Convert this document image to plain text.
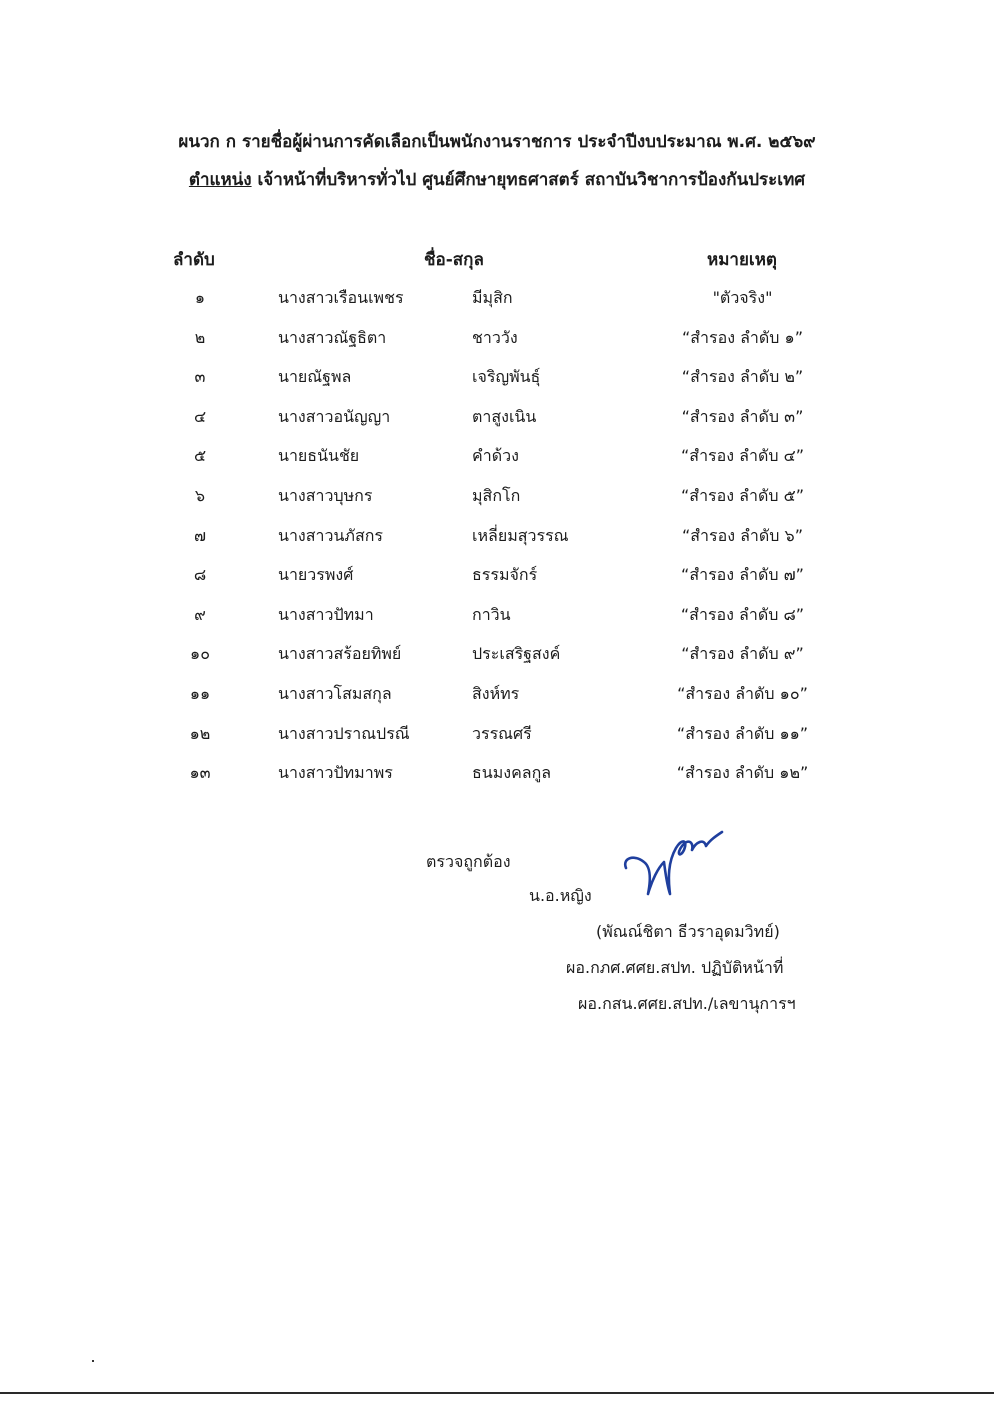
ผนวก ก รายชื่อผู้ผ่านการคัดเลือกเป็นพนักงานราชการ ประจำปีงบประมาณ พ.ศ. ๒๕๖๙
ตำแหน่ง เจ้าหน้าที่บริหารทั่วไป ศูนย์ศึกษายุทธศาสตร์ สถาบันวิชาการป้องกันประเทศ
ลำดับ	ชื่อ-สกุล	หมายเหตุ
๑	นางสาวเรือนเพชร	มีมุสิก	"ตัวจริง"
๒	นางสาวณัฐธิตา	ชาววัง	“สำรอง ลำดับ ๑”
๓	นายณัฐพล	เจริญพันธุ์	“สำรอง ลำดับ ๒”
๔	นางสาวอนัญญา	ตาสูงเนิน	“สำรอง ลำดับ ๓”
๕	นายธนันชัย	คำด้วง	“สำรอง ลำดับ ๔”
๖	นางสาวบุษกร	มุสิกโก	“สำรอง ลำดับ ๕”
๗	นางสาวนภัสกร	เหลี่ยมสุวรรณ	“สำรอง ลำดับ ๖”
๘	นายวรพงศ์	ธรรมจักร์	“สำรอง ลำดับ ๗”
๙	นางสาวปัทมา	กาวิน	“สำรอง ลำดับ ๘”
๑๐	นางสาวสร้อยทิพย์	ประเสริฐสงค์	“สำรอง ลำดับ ๙”
๑๑	นางสาวโสมสกุล	สิงห์ทร	“สำรอง ลำดับ ๑๐”
๑๒	นางสาวปราณปรณี	วรรณศรี	“สำรอง ลำดับ ๑๑”
๑๓	นางสาวปัทมาพร	ธนมงคลกูล	“สำรอง ลำดับ ๑๒”
ตรวจถูกต้อง
น.อ.หญิง
(พัณณ์ชิตา ธีวราอุดมวิทย์)
ผอ.กภศ.ศศย.สปท. ปฏิบัติหน้าที่
ผอ.กสน.ศศย.สปท./เลขานุการฯ
